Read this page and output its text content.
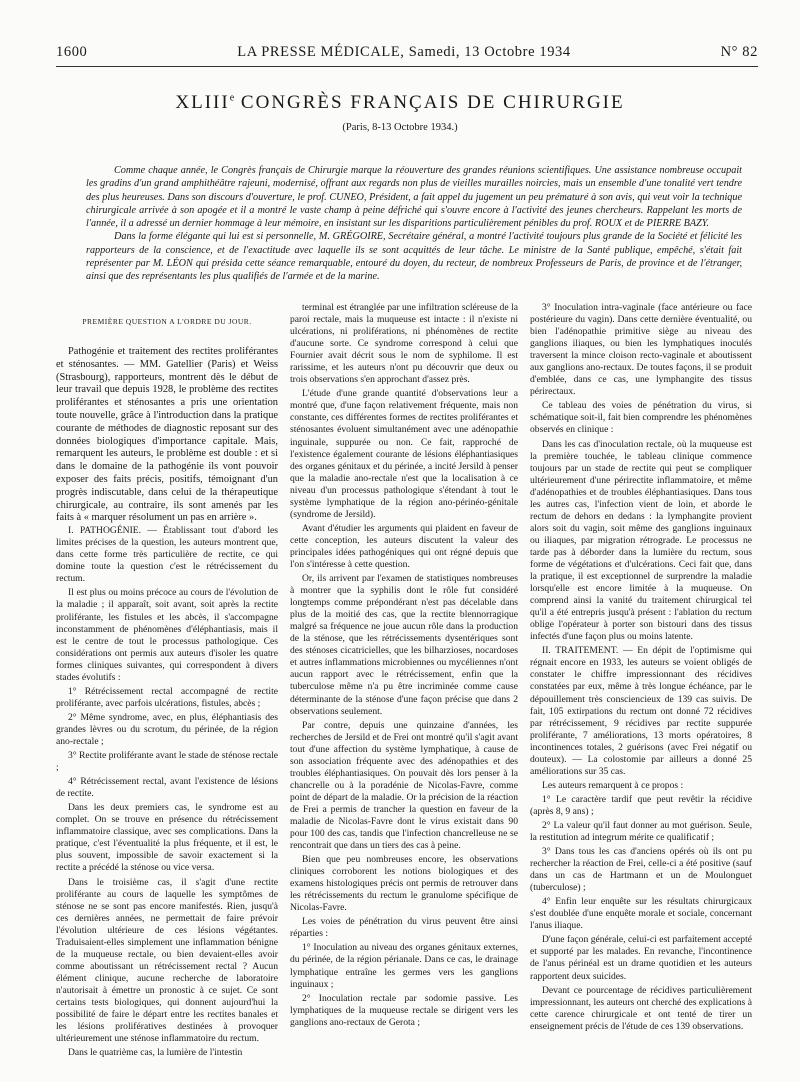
1600	LA PRESSE MÉDICALE, Samedi, 13 Octobre 1934	N° 82
XLIIIe CONGRÈS FRANÇAIS DE CHIRURGIE
(Paris, 8-13 Octobre 1934.)

Comme chaque année, le Congrès français de Chirurgie marque la réouverture des grandes réunions scientifiques. Une assistance nombreuse occupait les gradins d'un grand amphithéâtre rajeuni, modernisé, offrant aux regards non plus de vieilles murailles noircies, mais un ensemble d'une tonalité vert tendre des plus heureuses. Dans son discours d'ouverture, le prof. CUNEO, Président, a fait appel du jugement un peu prématuré à son avis, qui veut voir la technique chirurgicale arrivée à son apogée et il a montré le vaste champ à peine défriché qui s'ouvre encore à l'activité des jeunes chercheurs. Rappelant les morts de l'année, il a adressé un dernier hommage à leur mémoire, en insistant sur les disparitions particulièrement pénibles du prof. ROUX et de PIERRE BAZY.

Dans la forme élégante qui lui est si personnelle, M. GRÉGOIRE, Secrétaire général, a montré l'activité toujours plus grande de la Société et félicité les rapporteurs de la conscience, et de l'exactitude avec laquelle ils se sont acquittés de leur tâche. Le ministre de la Santé publique, empêché, s'était fait représenter par M. LÉON qui présida cette séance remarquable, entouré du doyen, du recteur, de nombreux Professeurs de Paris, de province et de l'étranger, ainsi que des représentants les plus qualifiés de l'armée et de la marine.

PREMIÈRE QUESTION A L'ORDRE DU JOUR.

Pathogénie et traitement des rectites proliférantes et sténosantes. — MM. Gatellier (Paris) et Weiss (Strasbourg), rapporteurs, montrent dès le début de leur travail que depuis 1928, le problème des rectites proliférantes et sténosantes a pris une orientation toute nouvelle, grâce à l'introduction dans la pratique courante de méthodes de diagnostic reposant sur des données biologiques d'importance capitale. Mais, remarquent les auteurs, le problème est double : et si dans le domaine de la pathogénie ils vont pouvoir exposer des faits précis, positifs, témoignant d'un progrès indiscutable, dans celui de la thérapeutique chirurgicale, au contraire, ils sont amenés par les faits à « marquer résolument un pas en arrière ».

I. PATHOGÉNIE. — Établissant tout d'abord les limites précises de la question, les auteurs montrent que, dans cette forme très particulière de rectite, ce qui domine toute la question c'est le rétrécissement du rectum.

Il est plus ou moins précoce au cours de l'évolution de la maladie ; il apparaît, soit avant, soit après la rectite proliférante, les fistules et les abcès, il s'accompagne inconstamment de phénomènes d'éléphantiasis, mais il est le centre de tout le processus pathologique. Ces considérations ont permis aux auteurs d'isoler les quatre formes cliniques suivantes, qui correspondent à divers stades évolutifs :

1° Rétrécissement rectal accompagné de rectite proliférante, avec parfois ulcérations, fistules, abcès ;

2° Même syndrome, avec, en plus, éléphantiasis des grandes lèvres ou du scrotum, du périnée, de la région ano-rectale ;

3° Rectite proliférante avant le stade de sténose rectale ;

4° Rétrécissement rectal, avant l'existence de lésions de rectite.

Dans les deux premiers cas, le syndrome est au complet. On se trouve en présence du rétrécissement inflammatoire classique, avec ses complications. Dans la pratique, c'est l'éventualité la plus fréquente, et il est, le plus souvent, impossible de savoir exactement si la rectite a précédé la sténose ou vice versa.

Dans le troisième cas, il s'agit d'une rectite proliférante au cours de laquelle les symptômes de sténose ne se sont pas encore manifestés. Rien, jusqu'à ces dernières années, ne permettait de faire prévoir l'évolution ultérieure de ces lésions végétantes. Traduisaient-elles simplement une inflammation bénigne de la muqueuse rectale, ou bien devaient-elles avoir comme aboutissant un rétrécissement rectal ? Aucun élément clinique, aucune recherche de laboratoire n'autorisait à émettre un pronostic à ce sujet. Ce sont certains tests biologiques, qui donnent aujourd'hui la possibilité de faire le départ entre les rectites banales et les lésions prolifératives destinées à provoquer ultérieurement une sténose inflammatoire du rectum.

Dans le quatrième cas, la lumière de l'intestin

terminal est étranglée par une infiltration scléreuse de la paroi rectale, mais la muqueuse est intacte : il n'existe ni ulcérations, ni proliférations, ni phénomènes de rectite d'aucune sorte. Ce syndrome correspond à celui que Fournier avait décrit sous le nom de syphilome. Il est rarissime, et les auteurs n'ont pu découvrir que deux ou trois observations s'en approchant d'assez près.

L'étude d'une grande quantité d'observations leur a montré que, d'une façon relativement fréquente, mais non constante, ces différentes formes de rectites proliférantes et sténosantes évoluent simultanément avec une adénopathie inguinale, suppurée ou non. Ce fait, rapproché de l'existence également courante de lésions éléphantiasiques des organes génitaux et du périnée, a incité Jersild à penser que la maladie ano-rectale n'est que la localisation à ce niveau d'un processus pathologique s'étendant à tout le système lymphatique de la région ano-périnéo-génitale (syndrome de Jersild).

Avant d'étudier les arguments qui plaident en faveur de cette conception, les auteurs discutent la valeur des principales idées pathogéniques qui ont régné depuis que l'on s'intéresse à cette question.

Or, ils arrivent par l'examen de statistiques nombreuses à montrer que la syphilis dont le rôle fut considéré longtemps comme prépondérant n'est pas décelable dans plus de la moitié des cas, que la rectite blennorragique malgré sa fréquence ne joue aucun rôle dans la production de la sténose, que les rétrécissements dysentériques sont des sténoses cicatricielles, que les bilharzioses, nocardoses et autres inflammations microbiennes ou mycéliennes n'ont aucun rapport avec le rétrécissement, enfin que la tuberculose même n'a pu être incriminée comme cause déterminante de la sténose d'une façon précise que dans 2 observations seulement.

Par contre, depuis une quinzaine d'années, les recherches de Jersild et de Frei ont montré qu'il s'agit avant tout d'une affection du système lymphatique, à cause de son association fréquente avec des adénopathies et des troubles éléphantiasiques. On pouvait dès lors penser à la chancrelle ou à la poradénie de Nicolas-Favre, comme point de départ de la maladie. Or la précision de la réaction de Frei a permis de trancher la question en faveur de la maladie de Nicolas-Favre dont le virus existait dans 90 pour 100 des cas, tandis que l'infection chancrelleuse ne se rencontrait que dans un tiers des cas à peine.

Bien que peu nombreuses encore, les observations cliniques corroborent les notions biologiques et des examens histologiques précis ont permis de retrouver dans les rétrécissements du rectum le granulome spécifique de Nicolas-Favre.

Les voies de pénétration du virus peuvent être ainsi réparties :

1° Inoculation au niveau des organes génitaux externes, du périnée, de la région périanale. Dans ce cas, le drainage lymphatique entraîne les germes vers les ganglions inguinaux ;

2° Inoculation rectale par sodomie passive. Les lymphatiques de la muqueuse rectale se dirigent vers les ganglions ano-rectaux de Gerota ;

3° Inoculation intra-vaginale (face antérieure ou face postérieure du vagin). Dans cette dernière éventualité, ou bien l'adénopathie primitive siège au niveau des ganglions iliaques, ou bien les lymphatiques inoculés traversent la mince cloison recto-vaginale et aboutissent aux ganglions ano-rectaux. De toutes façons, il se produit d'emblée, dans ce cas, une lymphangite des tissus périrectaux.

Ce tableau des voies de pénétration du virus, si schématique soit-il, fait bien comprendre les phénomènes observés en clinique :

Dans les cas d'inoculation rectale, où la muqueuse est la première touchée, le tableau clinique commence toujours par un stade de rectite qui peut se compliquer ultérieurement d'une périrectite inflammatoire, et même d'adénopathies et de troubles éléphantiasiques. Dans tous les autres cas, l'infection vient de loin, et aborde le rectum de dehors en dedans : la lymphangite provient alors soit du vagin, soit même des ganglions inguinaux ou iliaques, par migration rétrograde. Le processus ne tarde pas à déborder dans la lumière du rectum, sous forme de végétations et d'ulcérations. Ceci fait que, dans la pratique, il est exceptionnel de surprendre la maladie lorsqu'elle est encore limitée à la muqueuse. On comprend ainsi la vanité du traitement chirurgical tel qu'il a été entrepris jusqu'à présent : l'ablation du rectum oblige l'opérateur à porter son bistouri dans des tissus infectés d'une façon plus ou moins latente.

II. TRAITEMENT. — En dépit de l'optimisme qui régnait encore en 1933, les auteurs se voient obligés de constater le chiffre impressionnant des récidives constatées par eux, même à très longue échéance, par le dépouillement très consciencieux de 139 cas suivis. De fait, 105 extirpations du rectum ont donné 72 récidives par rétrécissement, 9 récidives par rectite suppurée proliférante, 7 améliorations, 13 morts opératoires, 8 incontinences totales, 2 guérisons (avec Frei négatif ou douteux). — La colostomie par ailleurs a donné 25 améliorations sur 35 cas.

Les auteurs remarquent à ce propos :

1° Le caractère tardif que peut revêtir la récidive (après 8, 9 ans) ;

2° La valeur qu'il faut donner au mot guérison. Seule, la restitution ad integrum mérite ce qualificatif ;

3° Dans tous les cas d'anciens opérés où ils ont pu rechercher la réaction de Frei, celle-ci a été positive (sauf dans un cas de Hartmann et un de Moulonguet (tuberculose) ;

4° Enfin leur enquête sur les résultats chirurgicaux s'est doublée d'une enquête morale et sociale, concernant l'anus iliaque.

D'une façon générale, celui-ci est parfaitement accepté et supporté par les malades. En revanche, l'incontinence de l'anus périnéal est un drame quotidien et les auteurs rapportent deux suicides.

Devant ce pourcentage de récidives particulièrement impressionnant, les auteurs ont cherché des explications à cette carence chirurgicale et ont tenté de tirer un enseignement précis de l'étude de ces 139 observations.
